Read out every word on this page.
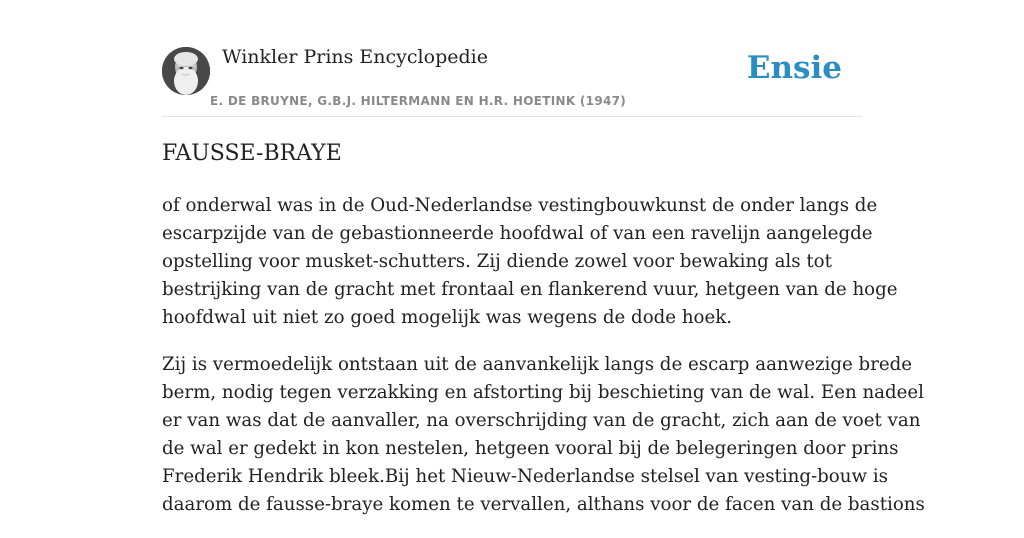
Winkler Prins Encyclopedie
E. DE BRUYNE, G.B.J. HILTERMANN EN H.R. HOETINK (1947)
Ensie
FAUSSE-BRAYE

of onderwal was in de Oud-Nederlandse vestingbouwkunst de onder langs de
escarpzijde van de gebastionneerde hoofdwal of van een ravelijn aangelegde
opstelling voor musket-schutters. Zij diende zowel voor bewaking als tot
bestrijking van de gracht met frontaal en flankerend vuur, hetgeen van de hoge
hoofdwal uit niet zo goed mogelijk was wegens de dode hoek.

Zij is vermoedelijk ontstaan uit de aanvankelijk langs de escarp aanwezige brede
berm, nodig tegen verzakking en afstorting bij beschieting van de wal. Een nadeel
er van was dat de aanvaller, na overschrijding van de gracht, zich aan de voet van
de wal er gedekt in kon nestelen, hetgeen vooral bij de belegeringen door prins
Frederik Hendrik bleek.Bij het Nieuw-Nederlandse stelsel van vesting-bouw is
daarom de fausse-braye komen te vervallen, althans voor de facen van de bastions
